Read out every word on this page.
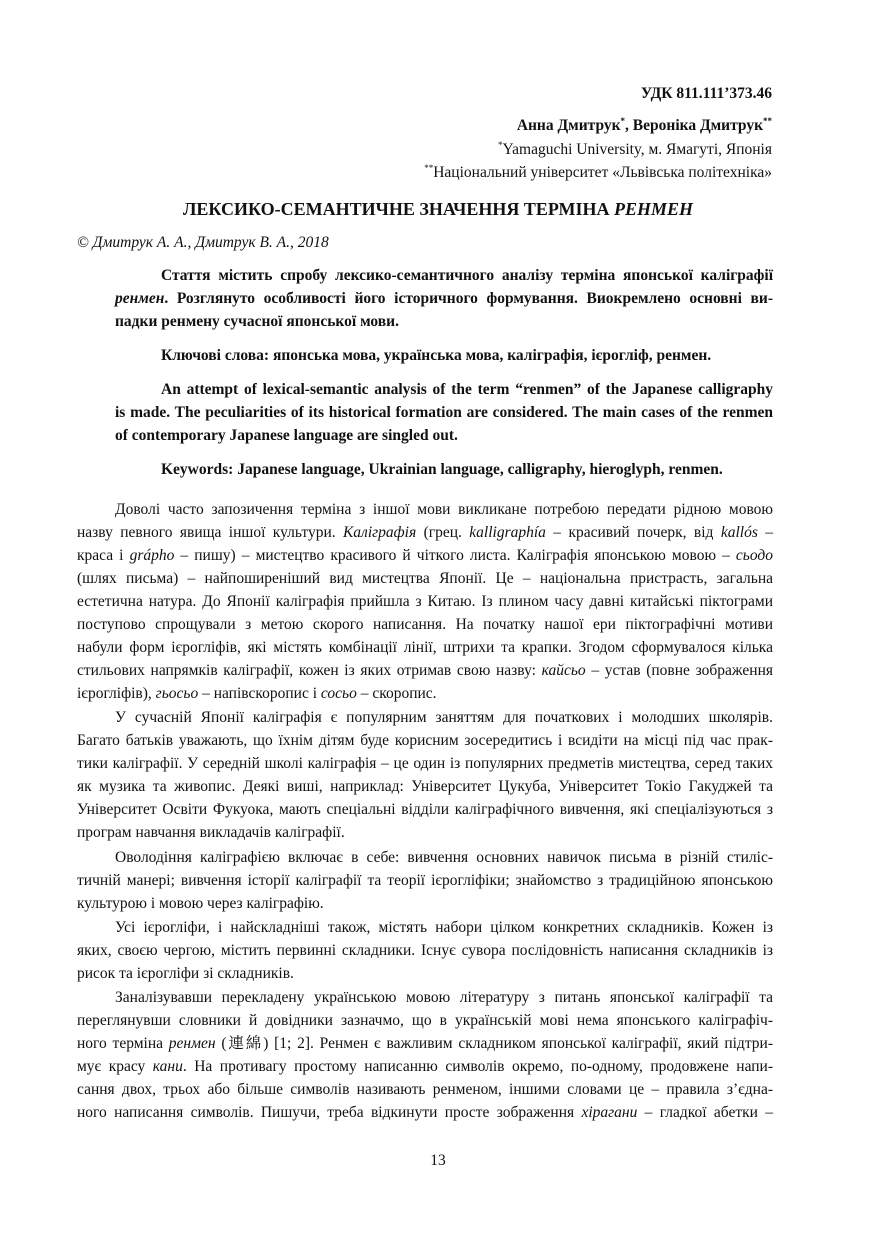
УДК 811.111’373.46
Анна Дмитрук*, Вероніка Дмитрук**
*Yamaguchi University, м. Ямагуті, Японія
**Національний університет «Львівська політехніка»
ЛЕКСИКО-СЕМАНТИЧНЕ ЗНАЧЕННЯ ТЕРМІНА РЕНМЕН
© Дмитрук А. А., Дмитрук В. А., 2018
Стаття містить спробу лексико-семантичного аналізу терміна японської каліграфії
ренмен. Розглянуто особливості його історичного формування. Виокремлено основні ви-
падки ренмену сучасної японської мови.
Ключові слова: японська мова, українська мова, каліграфія, ієрогліф, ренмен.
An attempt of lexical-semantic analysis of the term “renmen” of the Japanese calligraphy
is made. The peculiarities of its historical formation are considered. The main cases of the renmen
of contemporary Japanese language are singled out.
Keywords: Japanese language, Ukrainian language, calligraphy, hieroglyph, renmen.
Доволі часто запозичення терміна з іншої мови викликане потребою передати рідною мовою
назву певного явища іншої культури. Каліграфія (грец. kalligraphía – красивий почерк, від kallós –
краса і grápho – пишу) – мистецтво красивого й чіткого листа. Каліграфія японською мовою – сьодо
(шлях письма) – найпоширеніший вид мистецтва Японії. Це – національна пристрасть, загальна
естетична натура. До Японії каліграфія прийшла з Китаю. Із плином часу давні китайські піктограми
поступово спрощували з метою скорого написання. На початку нашої ери піктографічні мотиви
набули форм ієрогліфів, які містять комбінації лінії, штрихи та крапки. Згодом сформувалося кілька
стильових напрямків каліграфії, кожен із яких отримав свою назву: кайсьо – устав (повне зображення
ієрогліфів), гьосьо – напівскоропис і сосьо – скоропис.
У сучасній Японії каліграфія є популярним заняттям для початкових і молодших школярів.
Багато батьків уважають, що їхнім дітям буде корисним зосередитись і всидіти на місці під час прак-
тики каліграфії. У середній школі каліграфія – це один із популярних предметів мистецтва, серед таких
як музика та живопис. Деякі виші, наприклад: Університет Цукуба, Університет Токіо Гакуджей та
Університет Освіти Фукуока, мають спеціальні відділи каліграфічного вивчення, які спеціалізуються з
програм навчання викладачів каліграфії.
Оволодіння каліграфією включає в себе: вивчення основних навичок письма в різній стиліс-
тичній манері; вивчення історії каліграфії та теорії ієрогліфіки; знайомство з традиційною японською
культурою і мовою через каліграфію.
Усі ієрогліфи, і найскладніші також, містять набори цілком конкретних складників. Кожен із
яких, своєю чергою, містить первинні складники. Існує сувора послідовність написання складників із
рисок та ієрогліфи зі складників.
Заналізувавши перекладену українською мовою літературу з питань японської каліграфії та
переглянувши словники й довідники зазначмо, що в українській мові нема японського каліграфіч-
ного терміна ренмен (連綿) [1; 2]. Ренмен є важливим складником японської каліграфії, який підтри-
мує красу кани. На противагу простому написанню символів окремо, по-одному, продовжене напи-
сання двох, трьох або більше символів називають ренменом, іншими словами це – правила з’єдна-
ного написання символів. Пишучи, треба відкинути просте зображення хірагани – гладкої абетки –
13
